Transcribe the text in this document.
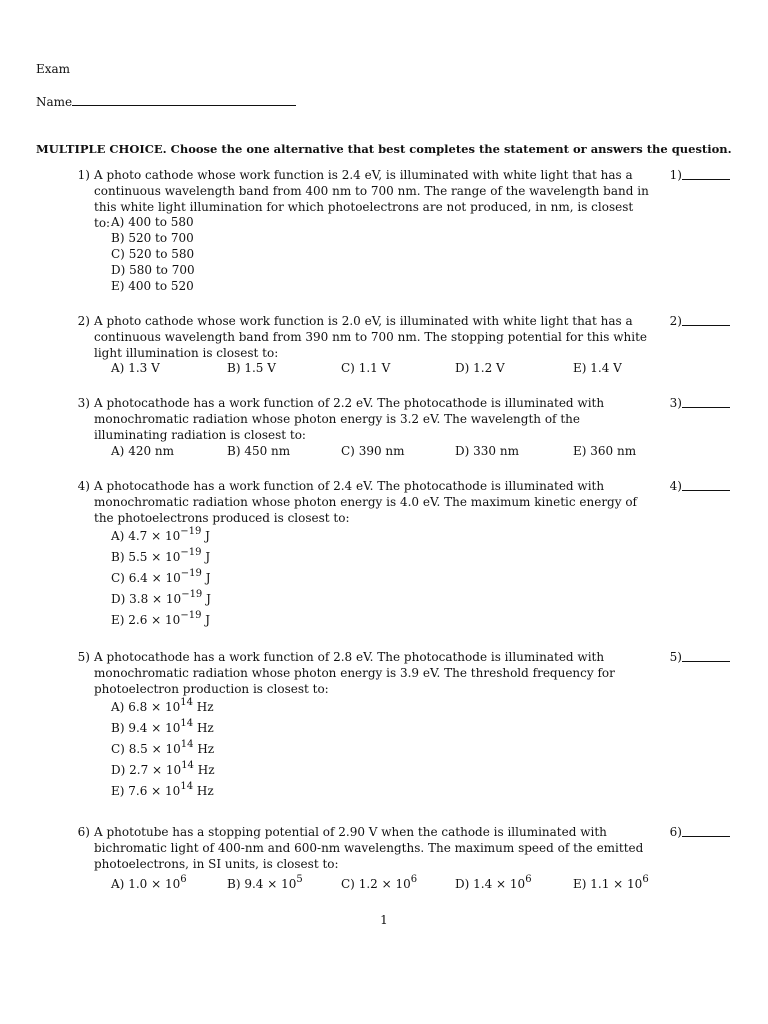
Exam
Name
MULTIPLE CHOICE. Choose the one alternative that best completes the statement or answers the question.
1) A photo cathode whose work function is 2.4 eV, is illuminated with white light that has a continuous wavelength band from 400 nm to 700 nm. The range of the wavelength band in this white light illumination for which photoelectrons are not produced, in nm, is closest to:
1)
A) 400 to 580
B) 520 to 700
C) 520 to 580
D) 580 to 700
E) 400 to 520
2) A photo cathode whose work function is 2.0 eV, is illuminated with white light that has a continuous wavelength band from 390 nm to 700 nm. The stopping potential for this white light illumination is closest to:
2)
A) 1.3 V	B) 1.5 V	C) 1.1 V	D) 1.2 V	E) 1.4 V
3) A photocathode has a work function of 2.2 eV. The photocathode is illuminated with monochromatic radiation whose photon energy is 3.2 eV. The wavelength of the illuminating radiation is closest to:
3)
A) 420 nm	B) 450 nm	C) 390 nm	D) 330 nm	E) 360 nm
4) A photocathode has a work function of 2.4 eV. The photocathode is illuminated with monochromatic radiation whose photon energy is 4.0 eV. The maximum kinetic energy of the photoelectrons produced is closest to:
4)
A) $4.7 \times 10^{-19}$ J
B) $5.5 \times 10^{-19}$ J
C) $6.4 \times 10^{-19}$ J
D) $3.8 \times 10^{-19}$ J
E) $2.6 \times 10^{-19}$ J
5) A photocathode has a work function of 2.8 eV. The photocathode is illuminated with monochromatic radiation whose photon energy is 3.9 eV. The threshold frequency for photoelectron production is closest to:
5)
A) $6.8 \times 10^{14}$ Hz
B) $9.4 \times 10^{14}$ Hz
C) $8.5 \times 10^{14}$ Hz
D) $2.7 \times 10^{14}$ Hz
E) $7.6 \times 10^{14}$ Hz
6) A phototube has a stopping potential of 2.90 V when the cathode is illuminated with bichromatic light of 400-nm and 600-nm wavelengths. The maximum speed of the emitted photoelectrons, in SI units, is closest to:
6)
A) $1.0 \times 10^6$	B) $9.4 \times 10^5$	C) $1.2 \times 10^6$	D) $1.4 \times 10^6$	E) $1.1 \times 10^6$
1
